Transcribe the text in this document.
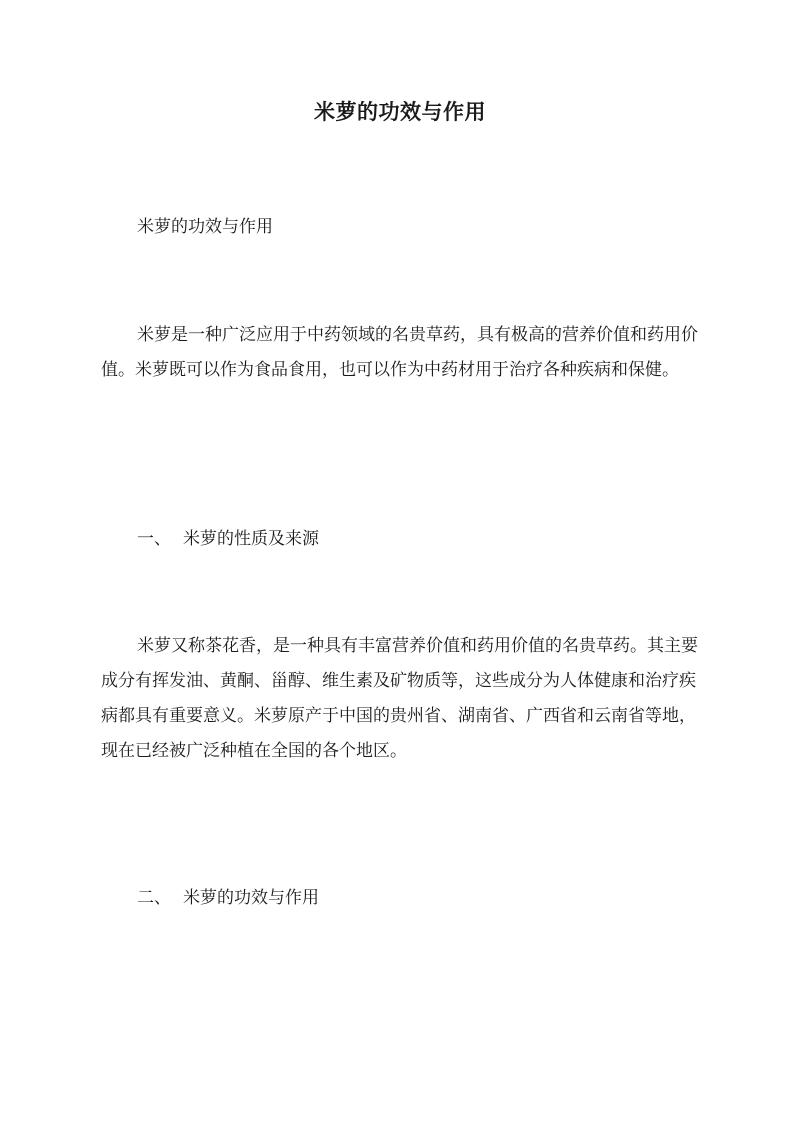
米萝的功效与作用

米萝的功效与作用

米萝是一种广泛应用于中药领域的名贵草药，具有极高的营养价值和药用价值。米萝既可以作为食品食用，也可以作为中药材用于治疗各种疾病和保健。

一、 米萝的性质及来源

米萝又称茶花香，是一种具有丰富营养价值和药用价值的名贵草药。其主要成分有挥发油、黄酮、甾醇、维生素及矿物质等，这些成分为人体健康和治疗疾病都具有重要意义。米萝原产于中国的贵州省、湖南省、广西省和云南省等地，现在已经被广泛种植在全国的各个地区。

二、 米萝的功效与作用
